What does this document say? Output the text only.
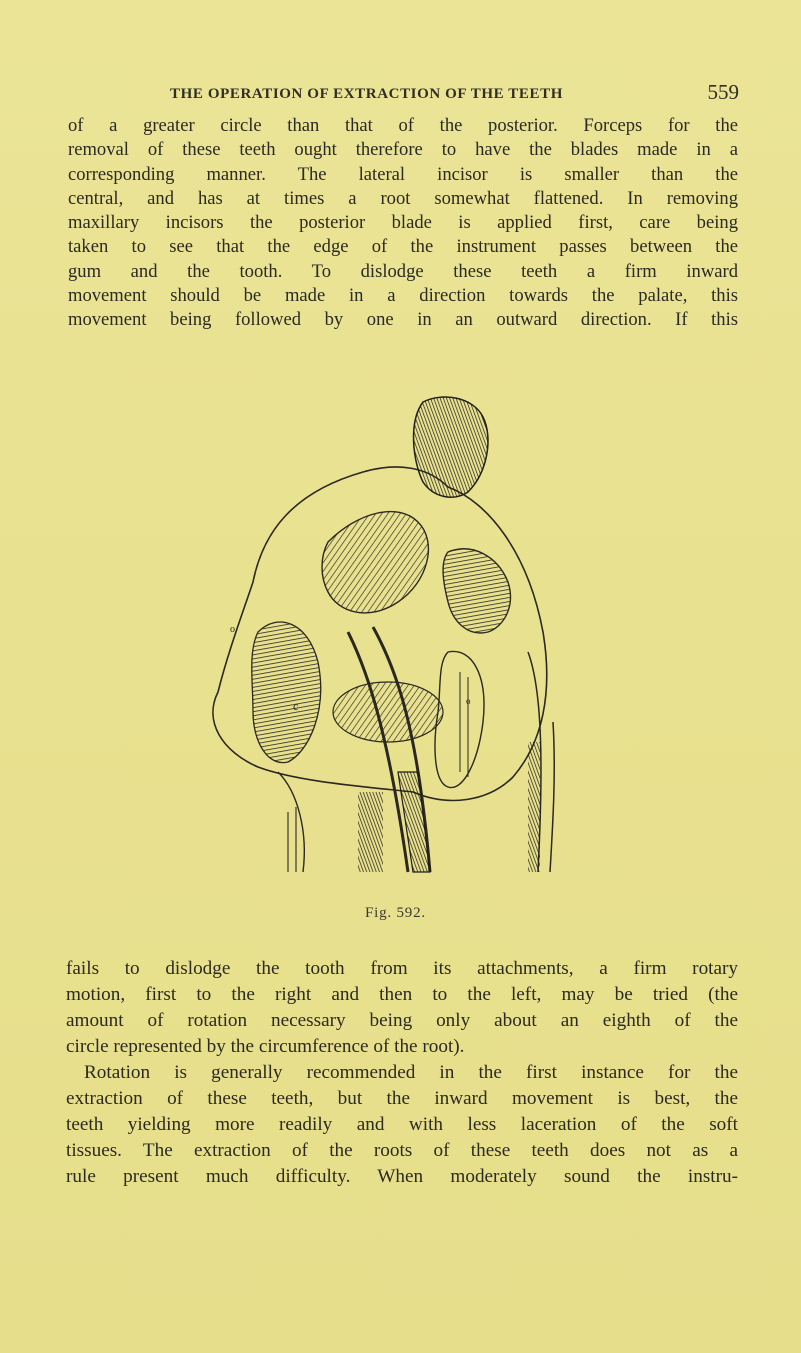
THE OPERATION OF EXTRACTION OF THE TEETH	559
of a greater circle than that of the posterior. Forceps for the
removal of these teeth ought therefore to have the blades made in a
corresponding manner. The lateral incisor is smaller than the
central, and has at times a root somewhat flattened. In removing
maxillary incisors the posterior blade is applied first, care being
taken to see that the edge of the instrument passes between the
gum and the tooth. To dislodge these teeth a firm inward
movement should be made in a direction towards the palate, this
movement being followed by one in an outward direction. If this
c
o
o
Fig. 592.
fails to dislodge the tooth from its attachments, a firm rotary
motion, first to the right and then to the left, may be tried (the
amount of rotation necessary being only about an eighth of the
circle represented by the circumference of the root).
Rotation is generally recommended in the first instance for the
extraction of these teeth, but the inward movement is best, the
teeth yielding more readily and with less laceration of the soft
tissues. The extraction of the roots of these teeth does not as a
rule present much difficulty. When moderately sound the instru-
